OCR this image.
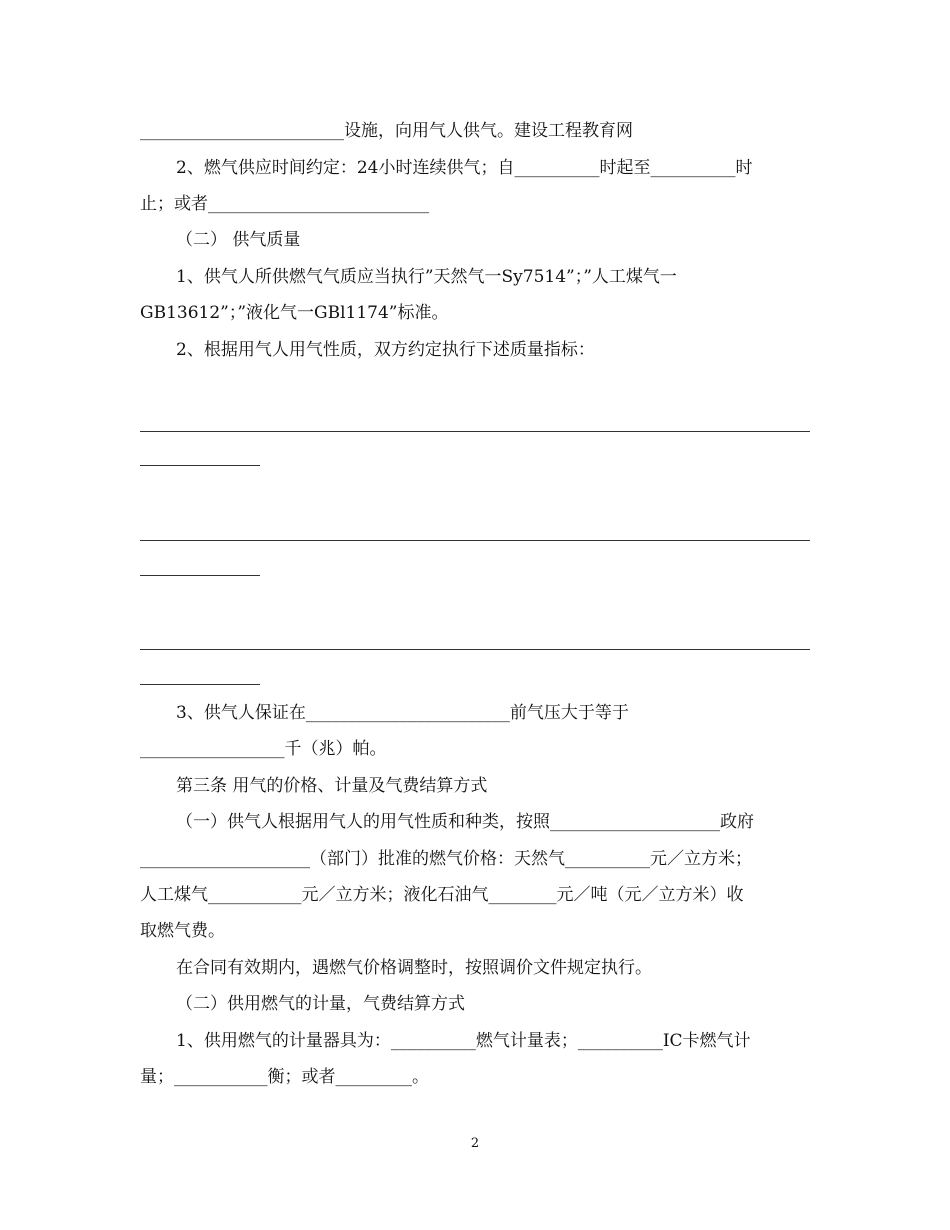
________________________设施，向用气人供气。建设工程教育网
2、燃气供应时间约定：24小时连续供气；自__________时起至__________时
止；或者__________________________
（二） 供气质量
1、供气人所供燃气气质应当执行”天然气一Sy7514”；”人工煤气一
GB13612”；”液化气一GBl1174”标准。
2、根据用气人用气性质，双方约定执行下述质量指标：
3、供气人保证在________________________前气压大于等于
_________________千（兆）帕。
第三条 用气的价格、计量及气费结算方式
（一）供气人根据用气人的用气性质和种类，按照____________________政府
____________________（部门）批准的燃气价格：天然气__________元／立方米；
人工煤气___________元／立方米；液化石油气________元／吨（元／立方米）收
取燃气费。
在合同有效期内，遇燃气价格调整时，按照调价文件规定执行。
（二）供用燃气的计量，气费结算方式
1、供用燃气的计量器具为：__________燃气计量表；__________IC卡燃气计
量；___________衡；或者_________。
2
